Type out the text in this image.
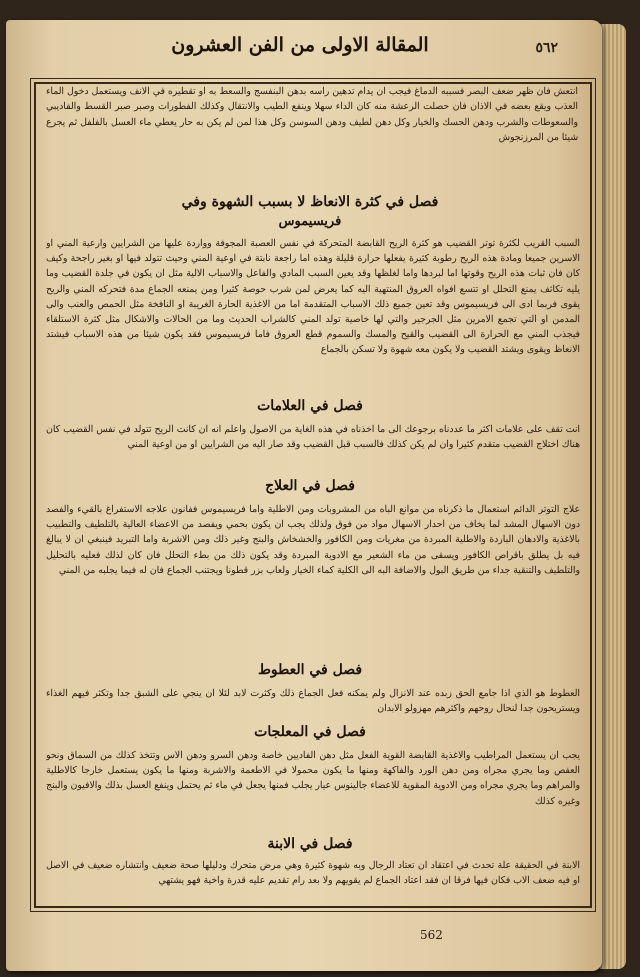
المقالة الاولى من الفن العشرون	٥٦٢
انتعش فان ظهر ضعف البصر فسببه الدماغ فيجب ان يدام تدهين راسه بدهن البنفسج والسعط به او تقطيره في الانف ويستعمل دخول الماء العذب ويقع بعضه في الاذان فان حصلت الرعشة منه كان الداء سهلا وينفع الطيب والانتقال وكذلك الفطورات وصبر صبر القسط والفاديبي والسعوطات والشرب ودهن الحسك والخيار وكل دهن لطيف ودهن السوسن وكل هذا لمن لم يكن به حار يعطي ماء العسل بالفلفل ثم يجرع شيئا من المرزنجوش
فصل في كثرة الانعاظ لا بسبب الشهوة وفي
فريسيموس
السبب القريب لكثرة توتر القضيب هو كثرة الريح القابضة المتحركة في نفس العصبة المجوفة وواردة عليها من الشرايين وارعية المني او الاسرين جميعا ومادة هذه الريح رطوبة كثيرة يفعلها حرارة قليلة وهذه اما راجعة نابتة في اوعية المني وحيث تتولد فيها او بغير راجحة وكيف كان فان ثبات هذه الريح وقوتها اما لبردها واما لغلظها وقد يعين السبب المادي والفاعل والاسباب الالية مثل ان يكون في جلدة القضيب وما يليه تكاثف يمنع التحلل او تتسع افواه العروق المنتهية اليه كما يعرض لمن شرب حوصة كثيرا ومن يمنعه الجماع مدة فتحركه المني والريح يقوى فربما ادى الى فريسيموس وقد تعين جميع ذلك الاسباب المتقدمة اما من الاغذية الحارة الغريبة او النافخة مثل الحمص والعنب والى المدمن او التي تجمع الامرين مثل الجرجير والتي لها خاصية تولد المني كالشراب الحديث وما من الحالات والاشكال مثل كثرة الاستلقاء فيجذب المني مع الحرارة الى القضيب والقيح والمسك والسموم قطع العروق فاما فريسيموس فقد يكون شيئا من هذه الاسباب فيشتد الانعاظ ويقوى ويشتد القضيب ولا يكون معه شهوة ولا تسكن بالجماع
فصل في العلامات
انت تقف على علامات اكثر ما عددناه برجوعك الى ما اخذناه في هذه الغاية من الاصول واعلم انه ان كانت الريح تتولد في نفس القضيب كان هناك اختلاج القضيب متقدم كثيرا وان لم يكن كذلك فالسبب قبل القضيب وقد صار اليه من الشرايين او من اوعية المني
فصل في العلاج
علاج التوتر الدائم استعمال ما ذكرناه من موانع الباه من المشروبات ومن الاطلية واما فريسيموس ففانون علاجه الاستفراغ بالقيء والفصد دون الاسهال المشد لما يخاف من احدار الاسهال مواد من فوق ولذلك يجب ان يكون بحمي ويفصد من الاعضاء العالية بالتلطيف والتطبيب بالاغذية والادهان الباردة والاطلية المبردة من مغريات ومن الكافور والخشخاش والبنج وغير ذلك ومن الاشربة واما التبريد فينبغي ان لا يبالغ فيه بل يطلق باقراص الكافور ويسقى من ماء الشعير مع الادوية المبردة وقد يكون ذلك من بطء التحلل فان كان لذلك فعليه بالتحليل والتلطيف والتنقية جداء من طريق البول والاضافة البه الى الكلية كماء الخيار ولعاب بزر قطونا ويجتنب الجماع فان له فيما يجلبه من المني
فصل في العطوط
العطوط هو الذي اذا جامع الحق زبده عند الانزال ولم يمكنه فعل الجماع ذلك وكثرت لابد لئلا ان ينجي على الشبق جدا وتكثر فيهم الغذاء ويستريحون جدا لنحال روحهم واكثرهم مهزولو الابدان
فصل في المعلجات
يجب ان يستعمل المراطيب والاغذية القابضة القوية الفعل مثل دهن الفاديين خاصة ودهن السرو ودهن الاس وتتخذ كذلك من السماق ونحو العفص وما يجري مجراه ومن دهن الورد والفاكهة ومنها ما يكون محمولا في الاطعمة والاشربة ومنها ما يكون يستعمل خارجا كالاطلية والمراهم وما يجري مجراه ومن الادوية المقوية للاعضاء جالينوس عيار يجلب فمنها يجعل في ماء ثم يحتمل وينفع العسل بذلك والافيون والبنج وغيره كذلك
فصل في الابنة
الابنة في الحقيقة علة تحدث في اعتقاد ان تعتاد الرجال وبه شهوة كثيرة وهي مرض متحرك ودليلها صحة ضعيف وانتشاره ضعيف في الاصل او فيه ضعف الاب فكان فيها فرقا ان فقد اعتاد الجماع لم يقويهم ولا بعد رام تقديم عليه قدرة واخية فهو يشتهي
562
